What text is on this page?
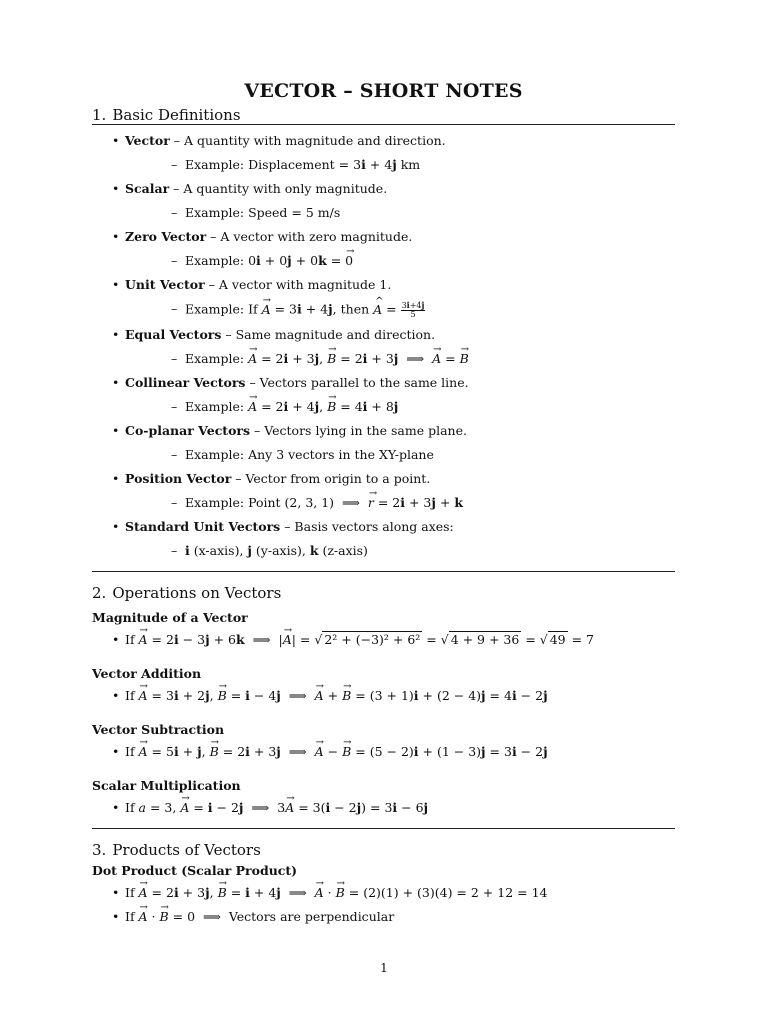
VECTOR – SHORT NOTES
1. Basic Definitions
• Vector – A quantity with magnitude and direction.
– Example: Displacement = 3i + 4j km
• Scalar – A quantity with only magnitude.
– Example: Speed = 5 m/s
• Zero Vector – A vector with zero magnitude.
– Example: 0i + 0j + 0k = → 0
• Unit Vector – A vector with magnitude 1.
– Example: If → A = 3i + 4j, then ^ $A = \frac{3i+4j}{5}$
• Equal Vectors – Same magnitude and direction.
– Example: → A = 2i + 3j, → B = 2i + 3j  ⟹  → A = → B
• Collinear Vectors – Vectors parallel to the same line.
– Example: → A = 2i + 4j, → B = 4i + 8j
• Co-planar Vectors – Vectors lying in the same plane.
– Example: Any 3 vectors in the XY-plane
• Position Vector – Vector from origin to a point.
– Example: Point (2, 3, 1)  ⟹  → r = 2i + 3j + k
• Standard Unit Vectors – Basis vectors along axes:
– i (x-axis), j (y-axis), k (z-axis)
2. Operations on Vectors
Magnitude of a Vector
• If → A = 2i − 3j + 6k  ⟹  |→ A| = √ 2² + (−3)² + 6² = √ 4 + 9 + 36 = √ 49 = 7
Vector Addition
• If → A = 3i + 2j, → B = i − 4j  ⟹  → A + → B = (3 + 1)i + (2 − 4)j = 4i − 2j
Vector Subtraction
• If → A = 5i + j, → B = 2i + 3j  ⟹  → A − → B = (5 − 2)i + (1 − 3)j = 3i − 2j
Scalar Multiplication
• If a = 3, → A = i − 2j  ⟹  3→ A = 3(i − 2j) = 3i − 6j
3. Products of Vectors
Dot Product (Scalar Product)
• If → A = 2i + 3j, → B = i + 4j  ⟹  → A · → B = (2)(1) + (3)(4) = 2 + 12 = 14
• If → A · → B = 0  ⟹  Vectors are perpendicular
1
